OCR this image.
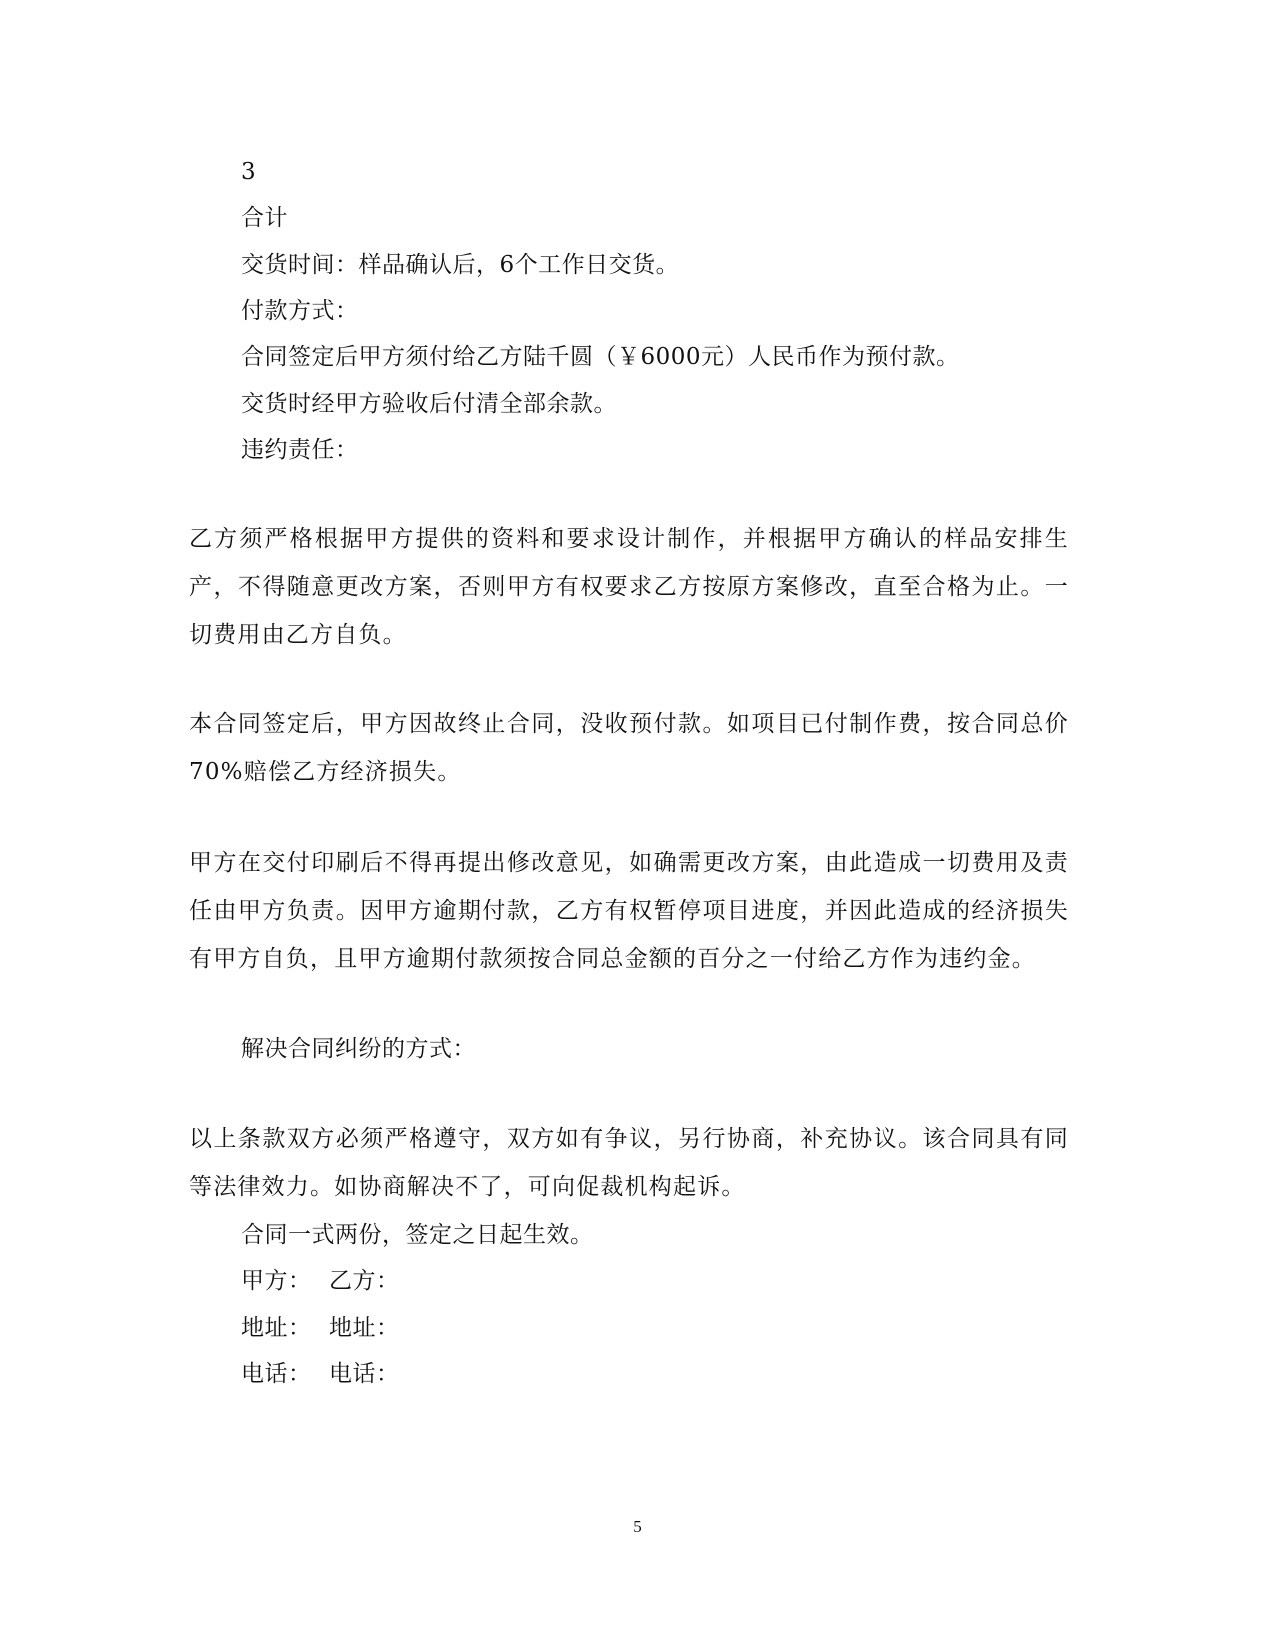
3
合计
交货时间：样品确认后，6个工作日交货。
付款方式：
合同签定后甲方须付给乙方陆千圆（￥6000元）人民币作为预付款。
交货时经甲方验收后付清全部余款。
违约责任：
乙方须严格根据甲方提供的资料和要求设计制作，并根据甲方确认的样品安排生产，不得随意更改方案，否则甲方有权要求乙方按原方案修改，直至合格为止。一切费用由乙方自负。
本合同签定后，甲方因故终止合同，没收预付款。如项目已付制作费，按合同总价70%赔偿乙方经济损失。
甲方在交付印刷后不得再提出修改意见，如确需更改方案，由此造成一切费用及责任由甲方负责。因甲方逾期付款，乙方有权暂停项目进度，并因此造成的经济损失有甲方自负，且甲方逾期付款须按合同总金额的百分之一付给乙方作为违约金。
解决合同纠纷的方式：
以上条款双方必须严格遵守，双方如有争议，另行协商，补充协议。该合同具有同等法律效力。如协商解决不了，可向促裁机构起诉。
合同一式两份，签定之日起生效。
甲方： 乙方：
地址： 地址：
电话： 电话：
5
